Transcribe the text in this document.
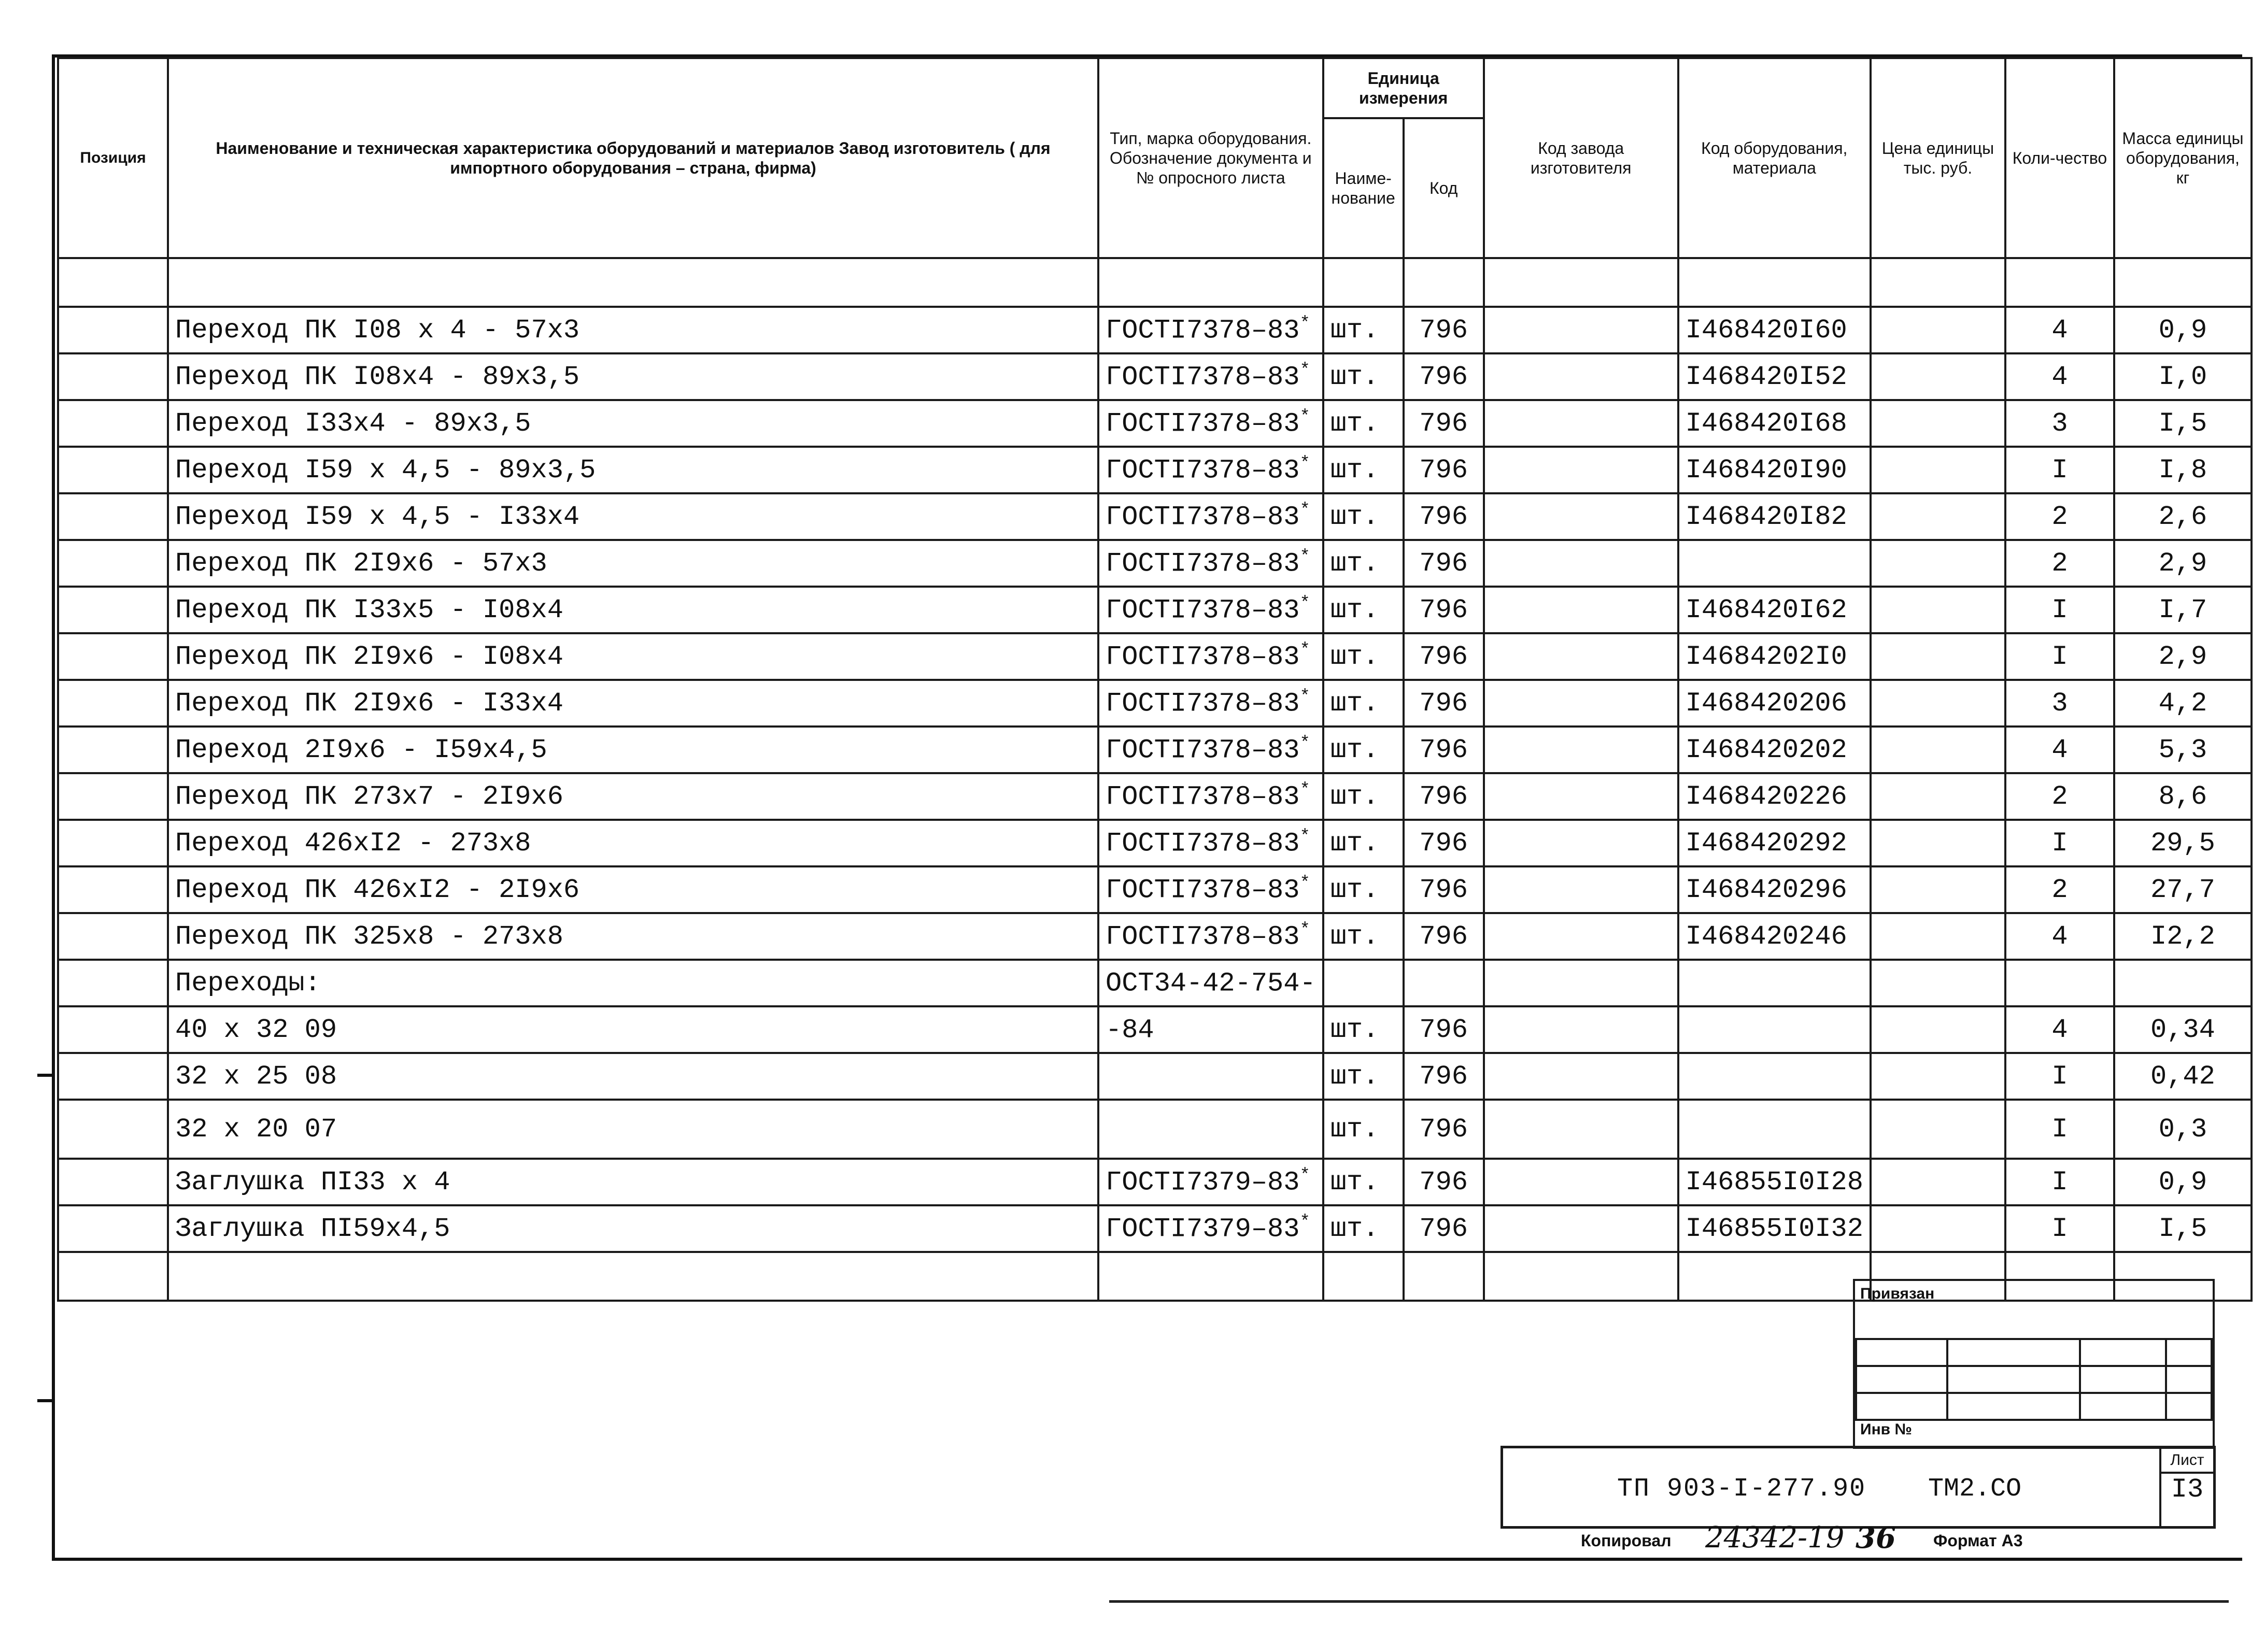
Позиция	Наименование и техническая характеристика оборудований и материалов Завод изготовитель ( для импортного оборудования – страна, фирма)	Тип, марка оборудования. Обозначение документа и № опросного листа	Единица измерения		Код завода изготовителя	Код оборудования, материала	Цена единицы тыс. руб.	Коли-чество	Масса единицы оборудования, кг
			Наиме-нование	Код					

	Переход ПК I08 х 4 - 57х3	ГОСТI7378–83*	шт.	796		I468420I60		4	0,9
	Переход ПК I08х4 - 89х3,5	ГОСТI7378–83*	шт.	796		I468420I52		4	I,0
	Переход I33х4 - 89х3,5	ГОСТI7378–83*	шт.	796		I468420I68		3	I,5
	Переход I59 х 4,5 - 89х3,5	ГОСТI7378–83*	шт.	796		I468420I90		I	I,8
	Переход I59 х 4,5 - I33х4	ГОСТI7378–83*	шт.	796		I468420I82		2	2,6
	Переход ПК 2I9х6 - 57х3	ГОСТI7378–83*	шт.	796				2	2,9
	Переход ПК I33х5 - I08х4	ГОСТI7378–83*	шт.	796		I468420I62		I	I,7
	Переход ПК 2I9х6 - I08х4	ГОСТI7378–83*	шт.	796		I4684202I0		I	2,9
	Переход ПК 2I9х6 - I33х4	ГОСТI7378–83*	шт.	796		I468420206		3	4,2
	Переход 2I9х6 - I59х4,5	ГОСТI7378–83*	шт.	796		I468420202		4	5,3
	Переход ПК 273х7 - 2I9х6	ГОСТI7378–83*	шт.	796		I468420226		2	8,6
	Переход 426хI2 - 273х8	ГОСТI7378–83*	шт.	796		I468420292		I	29,5
	Переход ПК 426хI2 - 2I9х6	ГОСТI7378–83*	шт.	796		I468420296		2	27,7
	Переход ПК 325х8 - 273х8	ГОСТI7378–83*	шт.	796		I468420246		4	I2,2
	Переходы:	ОСТ34-42-754-							
	40 х 32 09	-84	шт.	796				4	0,34
	32 х 25 08		шт.	796				I	0,42
	32 х 20 07		шт.	796				I	0,3
	Заглушка ПI33 х 4	ГОСТI7379–83*	шт.	796		I46855I0I28		I	0,9
	Заглушка ПI59х4,5	ГОСТI7379–83*	шт.	796		I46855I0I32		I	I,5

Привязан

Инв №
ТП 903-I-277.90 ТМ2.СО
Лист
I3
Копировал 24342-19 36 Формат А3
